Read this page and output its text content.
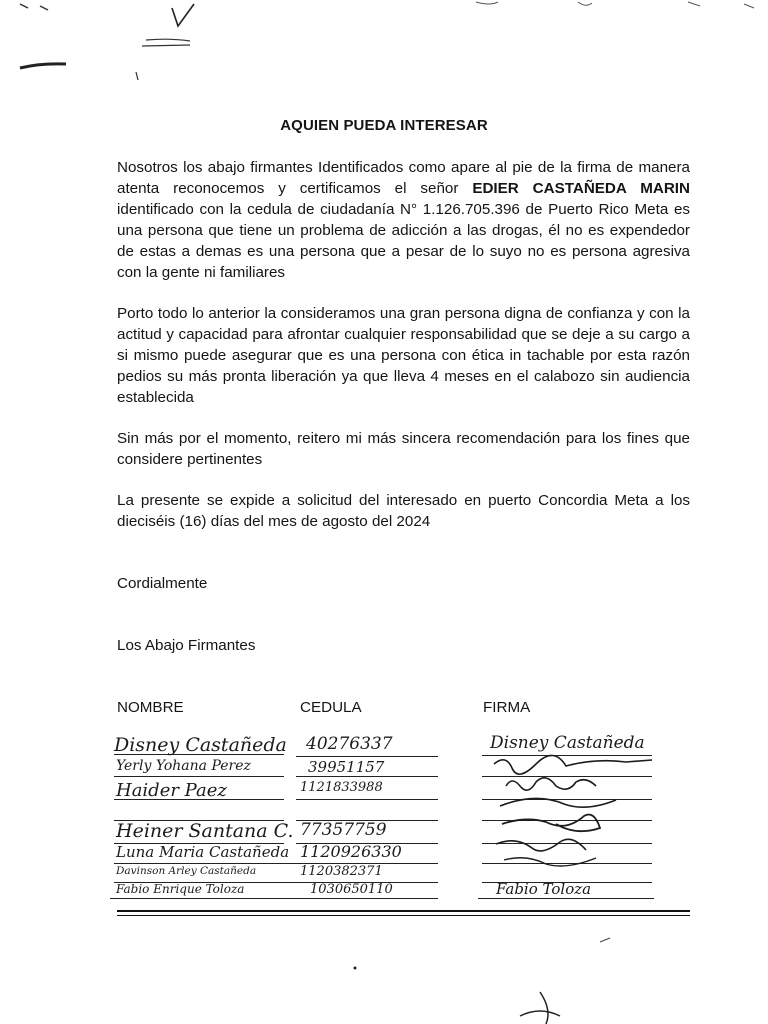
AQUIEN PUEDA INTERESAR

Nosotros los abajo firmantes Identificados como apare al pie de la firma de manera atenta reconocemos y certificamos el señor EDIER CASTAÑEDA MARIN identificado con la cedula de ciudadanía N° 1.126.705.396 de Puerto Rico Meta es una persona que tiene un problema de adicción a las drogas, él no es expendedor de estas a demas es una persona que a pesar de lo suyo no es persona agresiva con la gente ni familiares

Porto todo lo anterior la consideramos una gran persona digna de confianza y con la actitud y capacidad para afrontar cualquier responsabilidad que se deje a su cargo a si mismo puede asegurar que es una persona con ética in tachable por esta razón pedios su más pronta liberación ya que lleva 4 meses en el calabozo sin audiencia establecida

Sin más por el momento, reitero mi más sincera recomendación para los fines que considere pertinentes

La presente se expide a solicitud del interesado en puerto Concordia Meta a los dieciséis (16) días del mes de agosto del 2024

Cordialmente
Los Abajo Firmantes
NOMBRE	CEDULA	FIRMA
Disney Castañeda
Yerly Yohana Perez
Haider Paez
Heiner Santana C.
Luna Maria Castañeda
Davinson Arley Castañeda
Fabio Enrique Toloza
40276337
39951157
1121833988
77357759
1120926330
1120382371
1030650110
Disney Castañeda
Fabio Toloza
